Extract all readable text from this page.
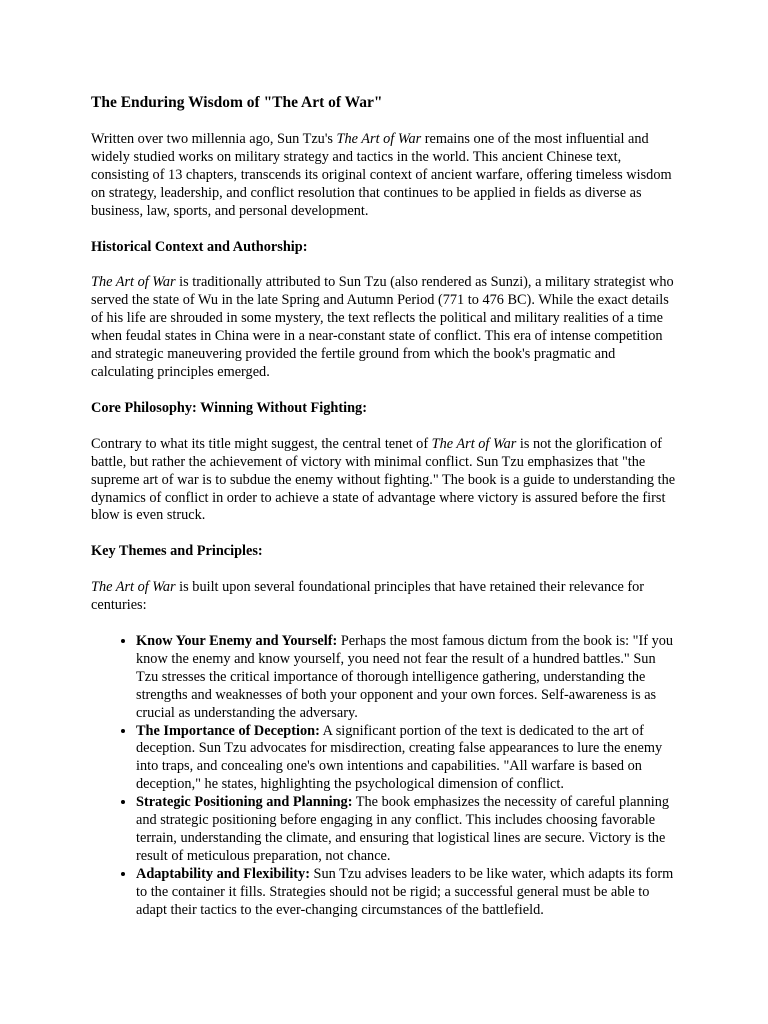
The Enduring Wisdom of "The Art of War"

Written over two millennia ago, Sun Tzu's The Art of War remains one of the most influential and widely studied works on military strategy and tactics in the world. This ancient Chinese text, consisting of 13 chapters, transcends its original context of ancient warfare, offering timeless wisdom on strategy, leadership, and conflict resolution that continues to be applied in fields as diverse as business, law, sports, and personal development.

Historical Context and Authorship:

The Art of War is traditionally attributed to Sun Tzu (also rendered as Sunzi), a military strategist who served the state of Wu in the late Spring and Autumn Period (771 to 476 BC). While the exact details of his life are shrouded in some mystery, the text reflects the political and military realities of a time when feudal states in China were in a near-constant state of conflict. This era of intense competition and strategic maneuvering provided the fertile ground from which the book's pragmatic and calculating principles emerged.

Core Philosophy: Winning Without Fighting:

Contrary to what its title might suggest, the central tenet of The Art of War is not the glorification of battle, but rather the achievement of victory with minimal conflict. Sun Tzu emphasizes that "the supreme art of war is to subdue the enemy without fighting." The book is a guide to understanding the dynamics of conflict in order to achieve a state of advantage where victory is assured before the first blow is even struck.

Key Themes and Principles:

The Art of War is built upon several foundational principles that have retained their relevance for centuries:

• Know Your Enemy and Yourself: Perhaps the most famous dictum from the book is: "If you know the enemy and know yourself, you need not fear the result of a hundred battles." Sun Tzu stresses the critical importance of thorough intelligence gathering, understanding the strengths and weaknesses of both your opponent and your own forces. Self-awareness is as crucial as understanding the adversary.
• The Importance of Deception: A significant portion of the text is dedicated to the art of deception. Sun Tzu advocates for misdirection, creating false appearances to lure the enemy into traps, and concealing one's own intentions and capabilities. "All warfare is based on deception," he states, highlighting the psychological dimension of conflict.
• Strategic Positioning and Planning: The book emphasizes the necessity of careful planning and strategic positioning before engaging in any conflict. This includes choosing favorable terrain, understanding the climate, and ensuring that logistical lines are secure. Victory is the result of meticulous preparation, not chance.
• Adaptability and Flexibility: Sun Tzu advises leaders to be like water, which adapts its form to the container it fills. Strategies should not be rigid; a successful general must be able to adapt their tactics to the ever-changing circumstances of the battlefield.
